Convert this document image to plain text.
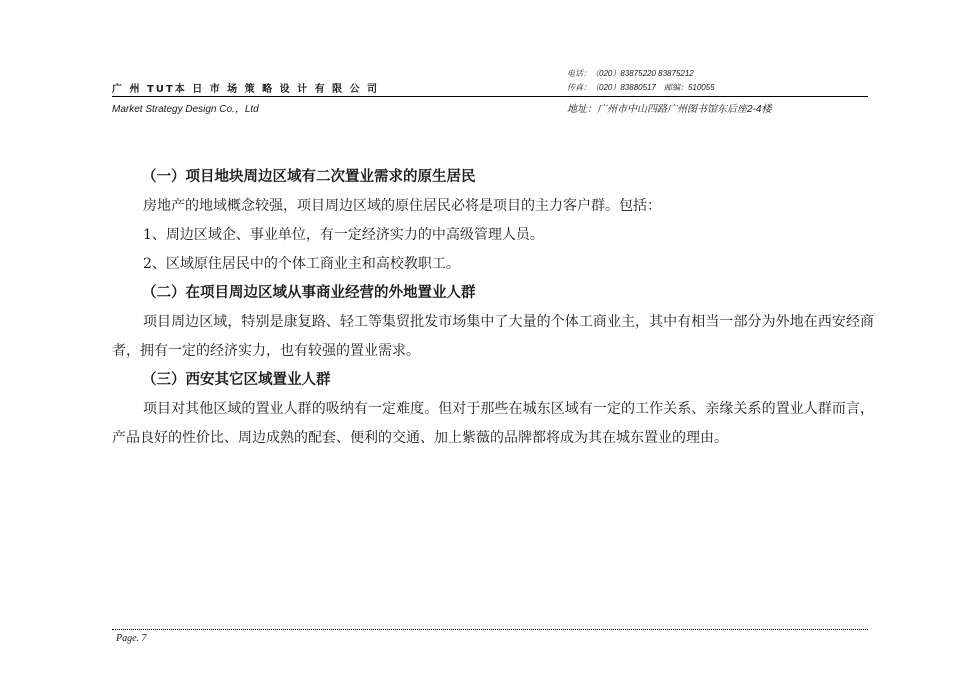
电话：（020）83875220 83875212
传真：（020）83880517　邮编：510055
广 州 TUT本 日 市 场 策 略 设 计 有 限 公 司
Market Strategy Design Co.，Ltd	地址：广州市中山四路广州图书馆东后座2-4楼

（一）项目地块周边区域有二次置业需求的原生居民

房地产的地域概念较强，项目周边区域的原住居民必将是项目的主力客户群。包括：

1、周边区域企、事业单位，有一定经济实力的中高级管理人员。

2、区域原住居民中的个体工商业主和高校教职工。

（二）在项目周边区域从事商业经营的外地置业人群

项目周边区域，特别是康复路、轻工等集贸批发市场集中了大量的个体工商业主，其中有相当一部分为外地在西安经商者，拥有一定的经济实力，也有较强的置业需求。

（三）西安其它区域置业人群

项目对其他区域的置业人群的吸纳有一定难度。但对于那些在城东区域有一定的工作关系、亲缘关系的置业人群而言，产品良好的性价比、周边成熟的配套、便利的交通、加上紫薇的品牌都将成为其在城东置业的理由。

Page. 7
